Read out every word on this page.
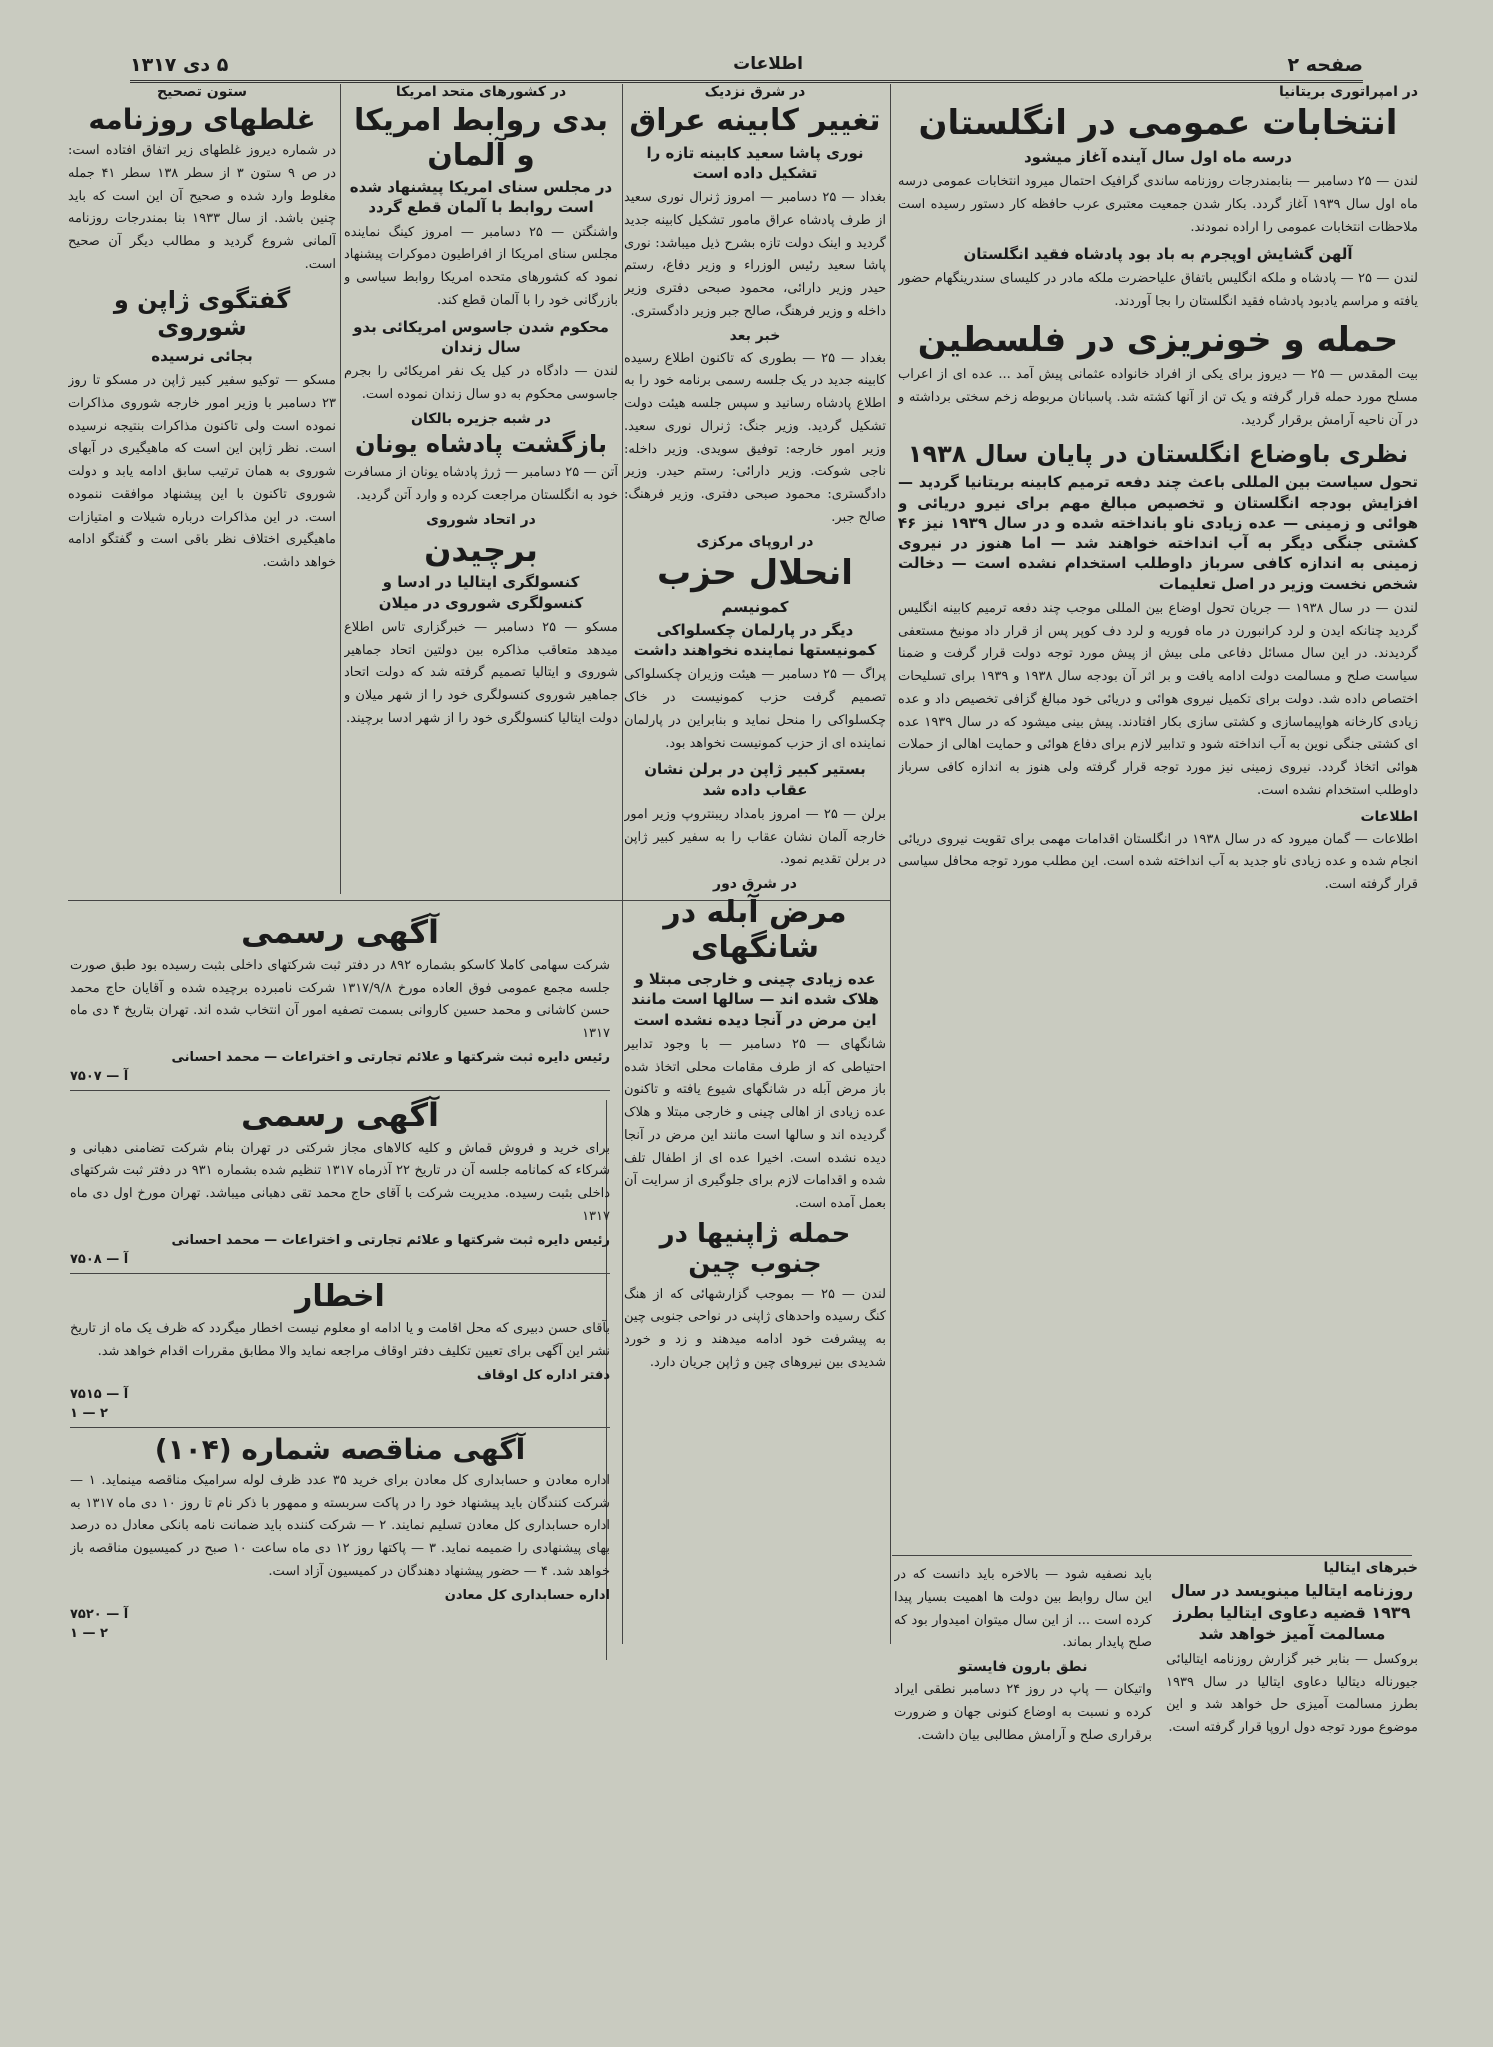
صفحه ۲
اطلاعات
۵ دی ۱۳۱۷
در امپراتوری بریتانیا
انتخابات عمومی در انگلستان
درسه ماه اول سال آینده آغاز میشود
لندن — ۲۵ دسامبر — بنابمندرجات روزنامه ساندی گرافیک احتمال میرود انتخابات عمومی درسه ماه اول سال ۱۹۳۹ آغاز گردد. بکار شدن جمعیت معتبری عرب حافظه کار دستور رسیده است ملاحظات انتخابات عمومی را اراده نمودند.
آلهن گشایش اوپجرم به باد بود پادشاه فقید انگلستان
لندن — ۲۵ — پادشاه و ملکه انگلیس باتفاق علیاحضرت ملکه مادر در کلیسای سندرینگهام حضور یافته و مراسم یادبود پادشاه فقید انگلستان را بجا آوردند.
حمله و خونریزی در فلسطین
بیت المقدس — ۲۵ — دیروز برای یکی از افراد خانواده عثمانی پیش آمد ... عده ای از اعراب مسلح مورد حمله قرار گرفته و یک تن از آنها کشته شد. پاسبانان مربوطه زخم سختی برداشته و در آن ناحیه آرامش برقرار گردید.
نظری باوضاع انگلستان در پایان سال ۱۹۳۸
تحول سیاست بین المللی باعث چند دفعه ترمیم کابینه بریتانیا گردید — افزایش بودجه انگلستان و تخصیص مبالغ مهم برای نیرو دریائی و هوائی و زمینی — عده زیادی ناو بانداخته شده و در سال ۱۹۳۹ نیز ۴۶ کشتی جنگی دیگر به آب انداخته خواهند شد — اما هنوز در نیروی زمینی به اندازه کافی سرباز داوطلب استخدام نشده است — دخالت شخص نخست وزیر در اصل تعلیمات
لندن — در سال ۱۹۳۸ — جریان تحول اوضاع بین المللی موجب چند دفعه ترمیم کابینه انگلیس گردید چنانکه ایدن و لرد کرانبورن در ماه فوریه و لرد دف کوپر پس از قرار داد مونیخ مستعفی گردیدند. در این سال مسائل دفاعی ملی بیش از پیش مورد توجه دولت قرار گرفت و ضمنا سیاست صلح و مسالمت دولت ادامه یافت و بر اثر آن بودجه سال ۱۹۳۸ و ۱۹۳۹ برای تسلیحات اختصاص داده شد. دولت برای تکمیل نیروی هوائی و دریائی خود مبالغ گزافی تخصیص داد و عده زیادی کارخانه هواپیماسازی و کشتی سازی بکار افتادند. پیش بینی میشود که در سال ۱۹۳۹ عده ای کشتی جنگی نوین به آب انداخته شود و تدابیر لازم برای دفاع هوائی و حمایت اهالی از حملات هوائی اتخاذ گردد. نیروی زمینی نیز مورد توجه قرار گرفته ولی هنوز به اندازه کافی سرباز داوطلب استخدام نشده است.
اطلاعات
اطلاعات — گمان میرود که در سال ۱۹۳۸ در انگلستان اقدامات مهمی برای تقویت نیروی دریائی انجام شده و عده زیادی ناو جدید به آب انداخته شده است. این مطلب مورد توجه محافل سیاسی قرار گرفته است.
باید نصفیه شود — بالاخره باید دانست که در این سال روابط بین دولت ها اهمیت بسیار پیدا کرده است ... از این سال میتوان امیدوار بود که صلح پایدار بماند.
نطق بارون فایستو
واتیکان — پاپ در روز ۲۴ دسامبر نطقی ایراد کرده و نسبت به اوضاع کنونی جهان و ضرورت برقراری صلح و آرامش مطالبی بیان داشت.
خبرهای ایتالیا
روزنامه ایتالیا مینویسد در سال ۱۹۳۹ قضیه دعاوی ایتالیا بطرز مسالمت آمیز خواهد شد
بروکسل — بنابر خبر گزارش روزنامه ایتالیائی جیورناله دیتالیا دعاوی ایتالیا در سال ۱۹۳۹ بطرز مسالمت آمیزی حل خواهد شد و این موضوع مورد توجه دول اروپا قرار گرفته است.
در شرق نزدیک
تغییر کابینه عراق
نوری پاشا سعید کابینه تازه را تشکیل داده است
بغداد — ۲۵ دسامبر — امروز ژنرال نوری سعید از طرف پادشاه عراق مامور تشکیل کابینه جدید گردید و اینک دولت تازه بشرح ذیل میباشد: نوری پاشا سعید رئیس الوزراء و وزیر دفاع، رستم حیدر وزیر دارائی، محمود صبحی دفتری وزیر داخله و وزیر فرهنگ، صالح جبر وزیر دادگستری.
خبر بعد
بغداد — ۲۵ — بطوری که تاکنون اطلاع رسیده کابینه جدید در یک جلسه رسمی برنامه خود را به اطلاع پادشاه رسانید و سپس جلسه هیئت دولت تشکیل گردید. وزیر جنگ: ژنرال نوری سعید. وزیر امور خارجه: توفیق سویدی. وزیر داخله: ناجی شوکت. وزیر دارائی: رستم حیدر. وزیر دادگستری: محمود صبحی دفتری. وزیر فرهنگ: صالح جبر.
در اروپای مرکزی
انحلال حزب
کمونیسم
دیگر در پارلمان چکسلواکی کمونیستها نماینده نخواهند داشت
پراگ — ۲۵ دسامبر — هیئت وزیران چکسلواکی تصمیم گرفت حزب کمونیست در خاک چکسلواکی را منحل نماید و بنابراین در پارلمان نماینده ای از حزب کمونیست نخواهد بود.
بستیر کبیر ژاپن در برلن نشان عقاب داده شد
برلن — ۲۵ — امروز بامداد ریبنتروپ وزیر امور خارجه آلمان نشان عقاب را به سفیر کبیر ژاپن در برلن تقدیم نمود.
در شرق دور
مرض آبله در شانگهای
عده زیادی چینی و خارجی مبتلا و هلاک شده اند — سالها است مانند این مرض در آنجا دیده نشده است
شانگهای — ۲۵ دسامبر — با وجود تدابیر احتیاطی که از طرف مقامات محلی اتخاذ شده باز مرض آبله در شانگهای شیوع یافته و تاکنون عده زیادی از اهالی چینی و خارجی مبتلا و هلاک گردیده اند و سالها است مانند این مرض در آنجا دیده نشده است. اخیرا عده ای از اطفال تلف شده و اقدامات لازم برای جلوگیری از سرایت آن بعمل آمده است.
حمله ژاپنیها در جنوب چین
لندن — ۲۵ — بموجب گزارشهائی که از هنگ کنگ رسیده واحدهای ژاپنی در نواحی جنوبی چین به پیشرفت خود ادامه میدهند و زد و خورد شدیدی بین نیروهای چین و ژاپن جریان دارد.
در کشورهای متحد امریکا
بدی روابط امریکا و آلمان
در مجلس سنای امریکا پیشنهاد شده است روابط با آلمان قطع گردد
واشنگتن — ۲۵ دسامبر — امروز کینگ نماینده مجلس سنای امریکا از افراطیون دموکرات پیشنهاد نمود که کشورهای متحده امریکا روابط سیاسی و بازرگانی خود را با آلمان قطع کند.
محکوم شدن جاسوس امریکائی بدو سال زندان
لندن — دادگاه در کیل یک نفر امریکائی را بجرم جاسوسی محکوم به دو سال زندان نموده است.
در شبه جزیره بالکان
بازگشت پادشاه یونان
آتن — ۲۵ دسامبر — ژرژ پادشاه یونان از مسافرت خود به انگلستان مراجعت کرده و وارد آتن گردید.
در اتحاد شوروی
برچیدن
کنسولگری ایتالیا در ادسا و کنسولگری شوروی در میلان
مسکو — ۲۵ دسامبر — خبرگزاری تاس اطلاع میدهد متعاقب مذاکره بین دولتین اتحاد جماهیر شوروی و ایتالیا تصمیم گرفته شد که دولت اتحاد جماهیر شوروی کنسولگری خود را از شهر میلان و دولت ایتالیا کنسولگری خود را از شهر ادسا برچیند.
ستون تصحیح
غلطهای روزنامه
در شماره دیروز غلطهای زیر اتفاق افتاده است: در ص ۹ ستون ۳ از سطر ۱۳۸ سطر ۴۱ جمله مغلوط وارد شده و صحیح آن این است که باید چنین باشد. از سال ۱۹۳۳ بنا بمندرجات روزنامه آلمانی شروع گردید و مطالب دیگر آن صحیح است.
گفتگوی ژاپن و شوروی
بجائی نرسیده
مسکو — توکیو سفیر کبیر ژاپن در مسکو تا روز ۲۳ دسامبر با وزیر امور خارجه شوروی مذاکرات نموده است ولی تاکنون مذاکرات بنتیجه نرسیده است. نظر ژاپن این است که ماهیگیری در آبهای شوروی به همان ترتیب سابق ادامه یابد و دولت شوروی تاکنون با این پیشنهاد موافقت ننموده است. در این مذاکرات درباره شیلات و امتیازات ماهیگیری اختلاف نظر باقی است و گفتگو ادامه خواهد داشت.
آگهی رسمی
شرکت سهامی کاملا کاسکو بشماره ۸۹۲ در دفتر ثبت شرکتهای داخلی بثبت رسیده بود طبق صورت جلسه مجمع عمومی فوق العاده مورخ ۱۳۱۷/۹/۸ شرکت نامبرده برچیده شده و آقایان حاج محمد حسن کاشانی و محمد حسین کاروانی بسمت تصفیه امور آن انتخاب شده اند. تهران بتاریخ ۴ دی ماه ۱۳۱۷
رئیس دایره ثبت شرکتها و علائم تجارتی و اختراعات — محمد احسانی
آ — ۷۵۰۷
آگهی رسمی
برای خرید و فروش قماش و کلیه کالاهای مجاز شرکتی در تهران بنام شرکت تضامنی دهبانی و شرکاء که کمانامه جلسه آن در تاریخ ۲۲ آذرماه ۱۳۱۷ تنظیم شده بشماره ۹۳۱ در دفتر ثبت شرکتهای داخلی بثبت رسیده. مدیریت شرکت با آقای حاج محمد تقی دهبانی میباشد. تهران مورخ اول دی ماه ۱۳۱۷
رئیس دایره ثبت شرکتها و علائم تجارتی و اختراعات — محمد احسانی
آ — ۷۵۰۸
اخطار
بآقای حسن دبیری که محل اقامت و یا ادامه او معلوم نیست اخطار میگردد که ظرف یک ماه از تاریخ نشر این آگهی برای تعیین تکلیف دفتر اوقاف مراجعه نماید والا مطابق مقررات اقدام خواهد شد.
دفتر اداره کل اوقاف
آ — ۷۵۱۵
۲ — ۱
آگهی مناقصه شماره (۱۰۴)
اداره معادن و حسابداری کل معادن برای خرید ۳۵ عدد ظرف لوله سرامیک مناقصه مینماید. ۱ — شرکت کنندگان باید پیشنهاد خود را در پاکت سربسته و ممهور با ذکر نام تا روز ۱۰ دی ماه ۱۳۱۷ به اداره حسابداری کل معادن تسلیم نمایند. ۲ — شرکت کننده باید ضمانت نامه بانکی معادل ده درصد بهای پیشنهادی را ضمیمه نماید. ۳ — پاکتها روز ۱۲ دی ماه ساعت ۱۰ صبح در کمیسیون مناقصه باز خواهد شد. ۴ — حضور پیشنهاد دهندگان در کمیسیون آزاد است.
اداره حسابداری کل معادن
آ — ۷۵۲۰
۲ — ۱
